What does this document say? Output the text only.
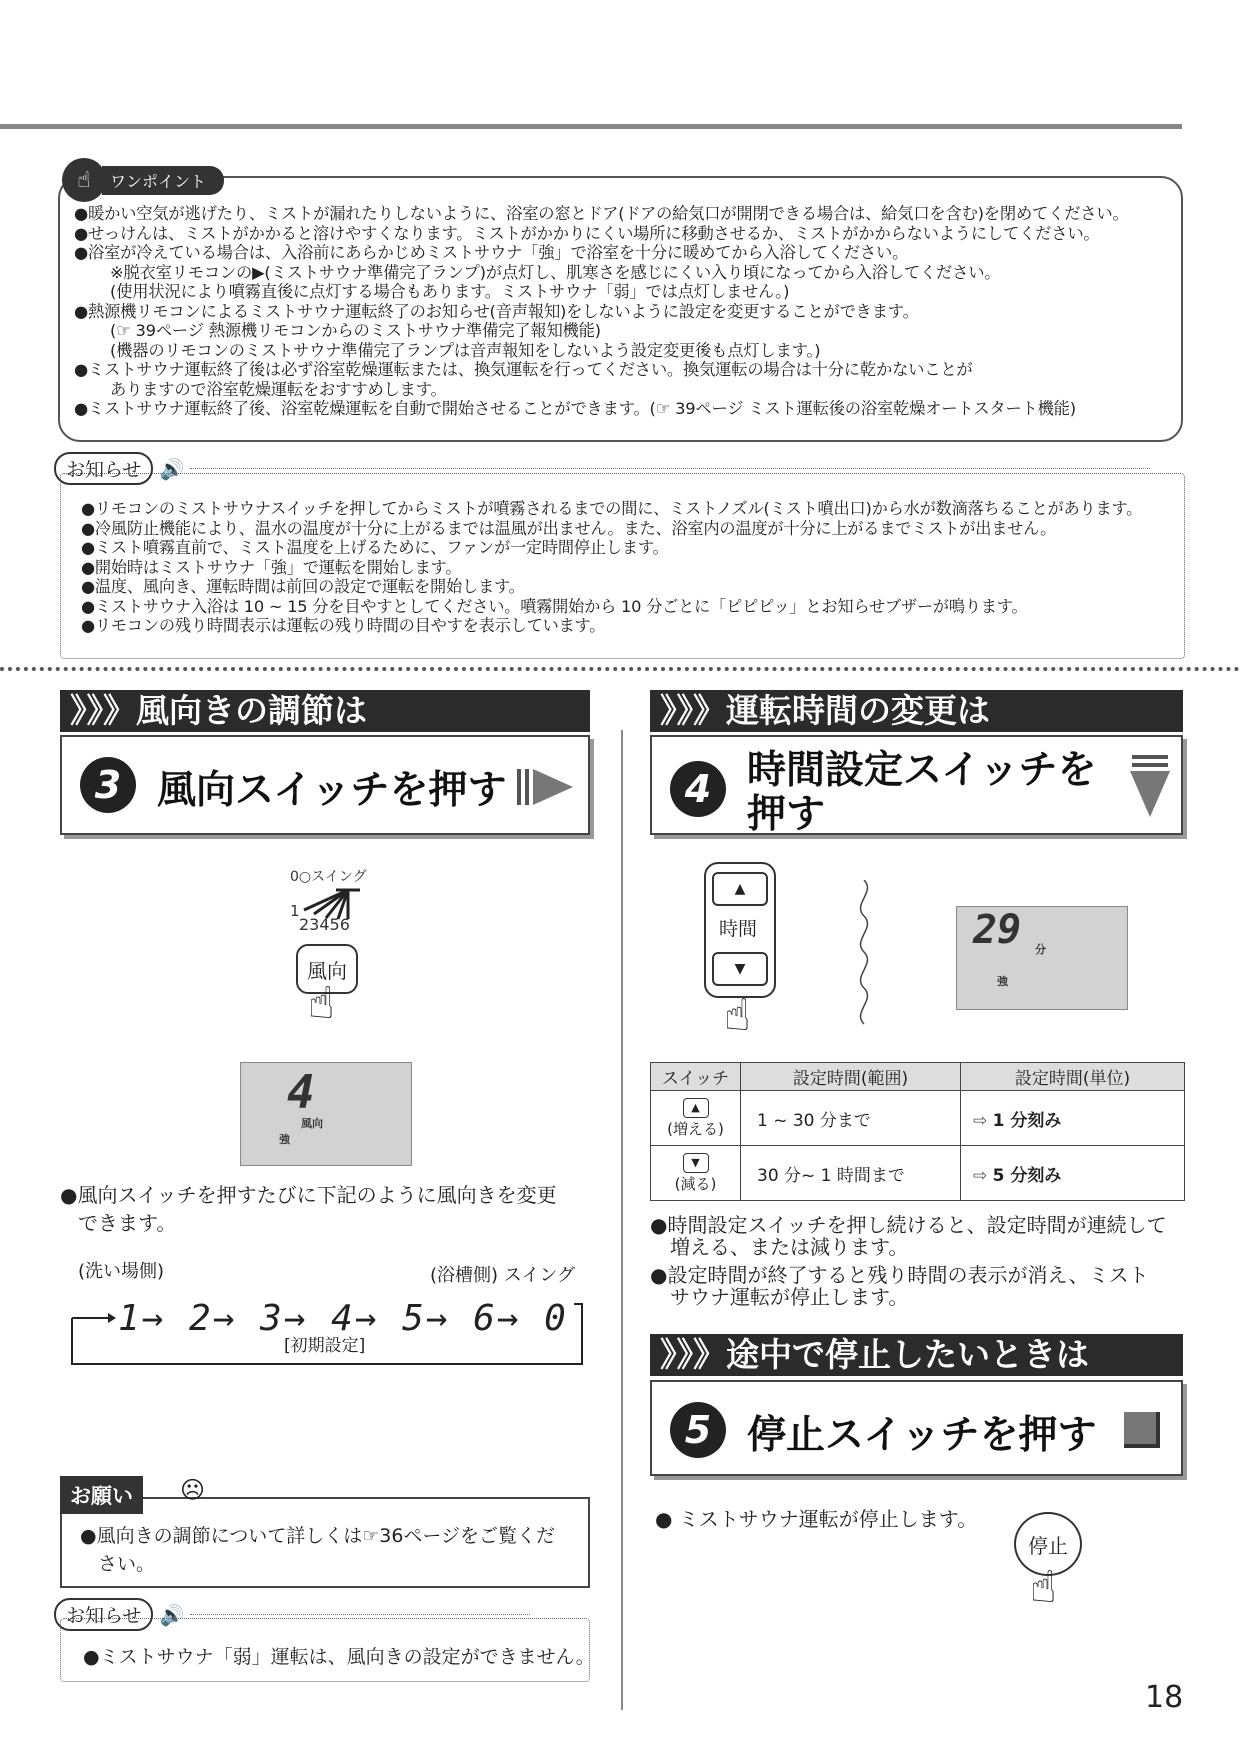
●暖かい空気が逃げたり、ミストが漏れたりしないように、浴室の窓とドア(ドアの給気口が開閉できる場合は、給気口を含む)を閉めてください。
●せっけんは、ミストがかかると溶けやすくなります。ミストがかかりにくい場所に移動させるか、ミストがかからないようにしてください。
●浴室が冷えている場合は、入浴前にあらかじめミストサウナ「強」で浴室を十分に暖めてから入浴してください。
※脱衣室リモコンの▶(ミストサウナ準備完了ランプ)が点灯し、肌寒さを感じにくい入り頃になってから入浴してください。
(使用状況により噴霧直後に点灯する場合もあります。ミストサウナ「弱」では点灯しません。)
●熱源機リモコンによるミストサウナ運転終了のお知らせ(音声報知)をしないように設定を変更することができます。
(☞ 39ページ 熱源機リモコンからのミストサウナ準備完了報知機能)
(機器のリモコンのミストサウナ準備完了ランプは音声報知をしないよう設定変更後も点灯します。)
●ミストサウナ運転終了後は必ず浴室乾燥運転または、換気運転を行ってください。換気運転の場合は十分に乾かないことが
ありますので浴室乾燥運転をおすすめします。
●ミストサウナ運転終了後、浴室乾燥運転を自動で開始させることができます。(☞ 39ページ ミスト運転後の浴室乾燥オートスタート機能)
☝	ワンポイント
お知らせ 🔊
●リモコンのミストサウナスイッチを押してからミストが噴霧されるまでの間に、ミストノズル(ミスト噴出口)から水が数滴落ちることがあります。
●冷風防止機能により、温水の温度が十分に上がるまでは温風が出ません。また、浴室内の温度が十分に上がるまでミストが出ません。
●ミスト噴霧直前で、ミスト温度を上げるために、ファンが一定時間停止します。
●開始時はミストサウナ「強」で運転を開始します。
●温度、風向き、運転時間は前回の設定で運転を開始します。
●ミストサウナ入浴は 10 ~ 15 分を目やすとしてください。噴霧開始から 10 分ごとに「ピピピッ」とお知らせブザーが鳴ります。
●リモコンの残り時間表示は運転の残り時間の目やすを表示しています。
》》》風向きの調節は
3 風向スイッチを押す
0○スイング
1
23456
風向
☝
4
風向
強
●風向スイッチを押すたびに下記のように風向きを変更
できます。
(洗い場側)	(浴槽側) スイング
1→ 2→ 3→ 4→ 5→ 6→ 0
[初期設定]
●風向きの調節について詳しくは☞36ページをご覧くだ
さい。
お願い	☹
お知らせ 🔊
●ミストサウナ「弱」運転は、風向きの設定ができません。
》》》運転時間の変更は
4 時間設定スイッチを
押す
▲
時間
▼
☝
29 分
強
スイッチ	設定時間(範囲)	設定時間(単位)
▲
(増える)	1 ~ 30 分まで	⇨ 1 分刻み
▼
(減る)	30 分~ 1 時間まで	⇨ 5 分刻み
●時間設定スイッチを押し続けると、設定時間が連続して
増える、または減ります。
●設定時間が終了すると残り時間の表示が消え、ミスト
サウナ運転が停止します。
》》》途中で停止したいときは
5 停止スイッチを押す
● ミストサウナ運転が停止します。
停止
☝
18
